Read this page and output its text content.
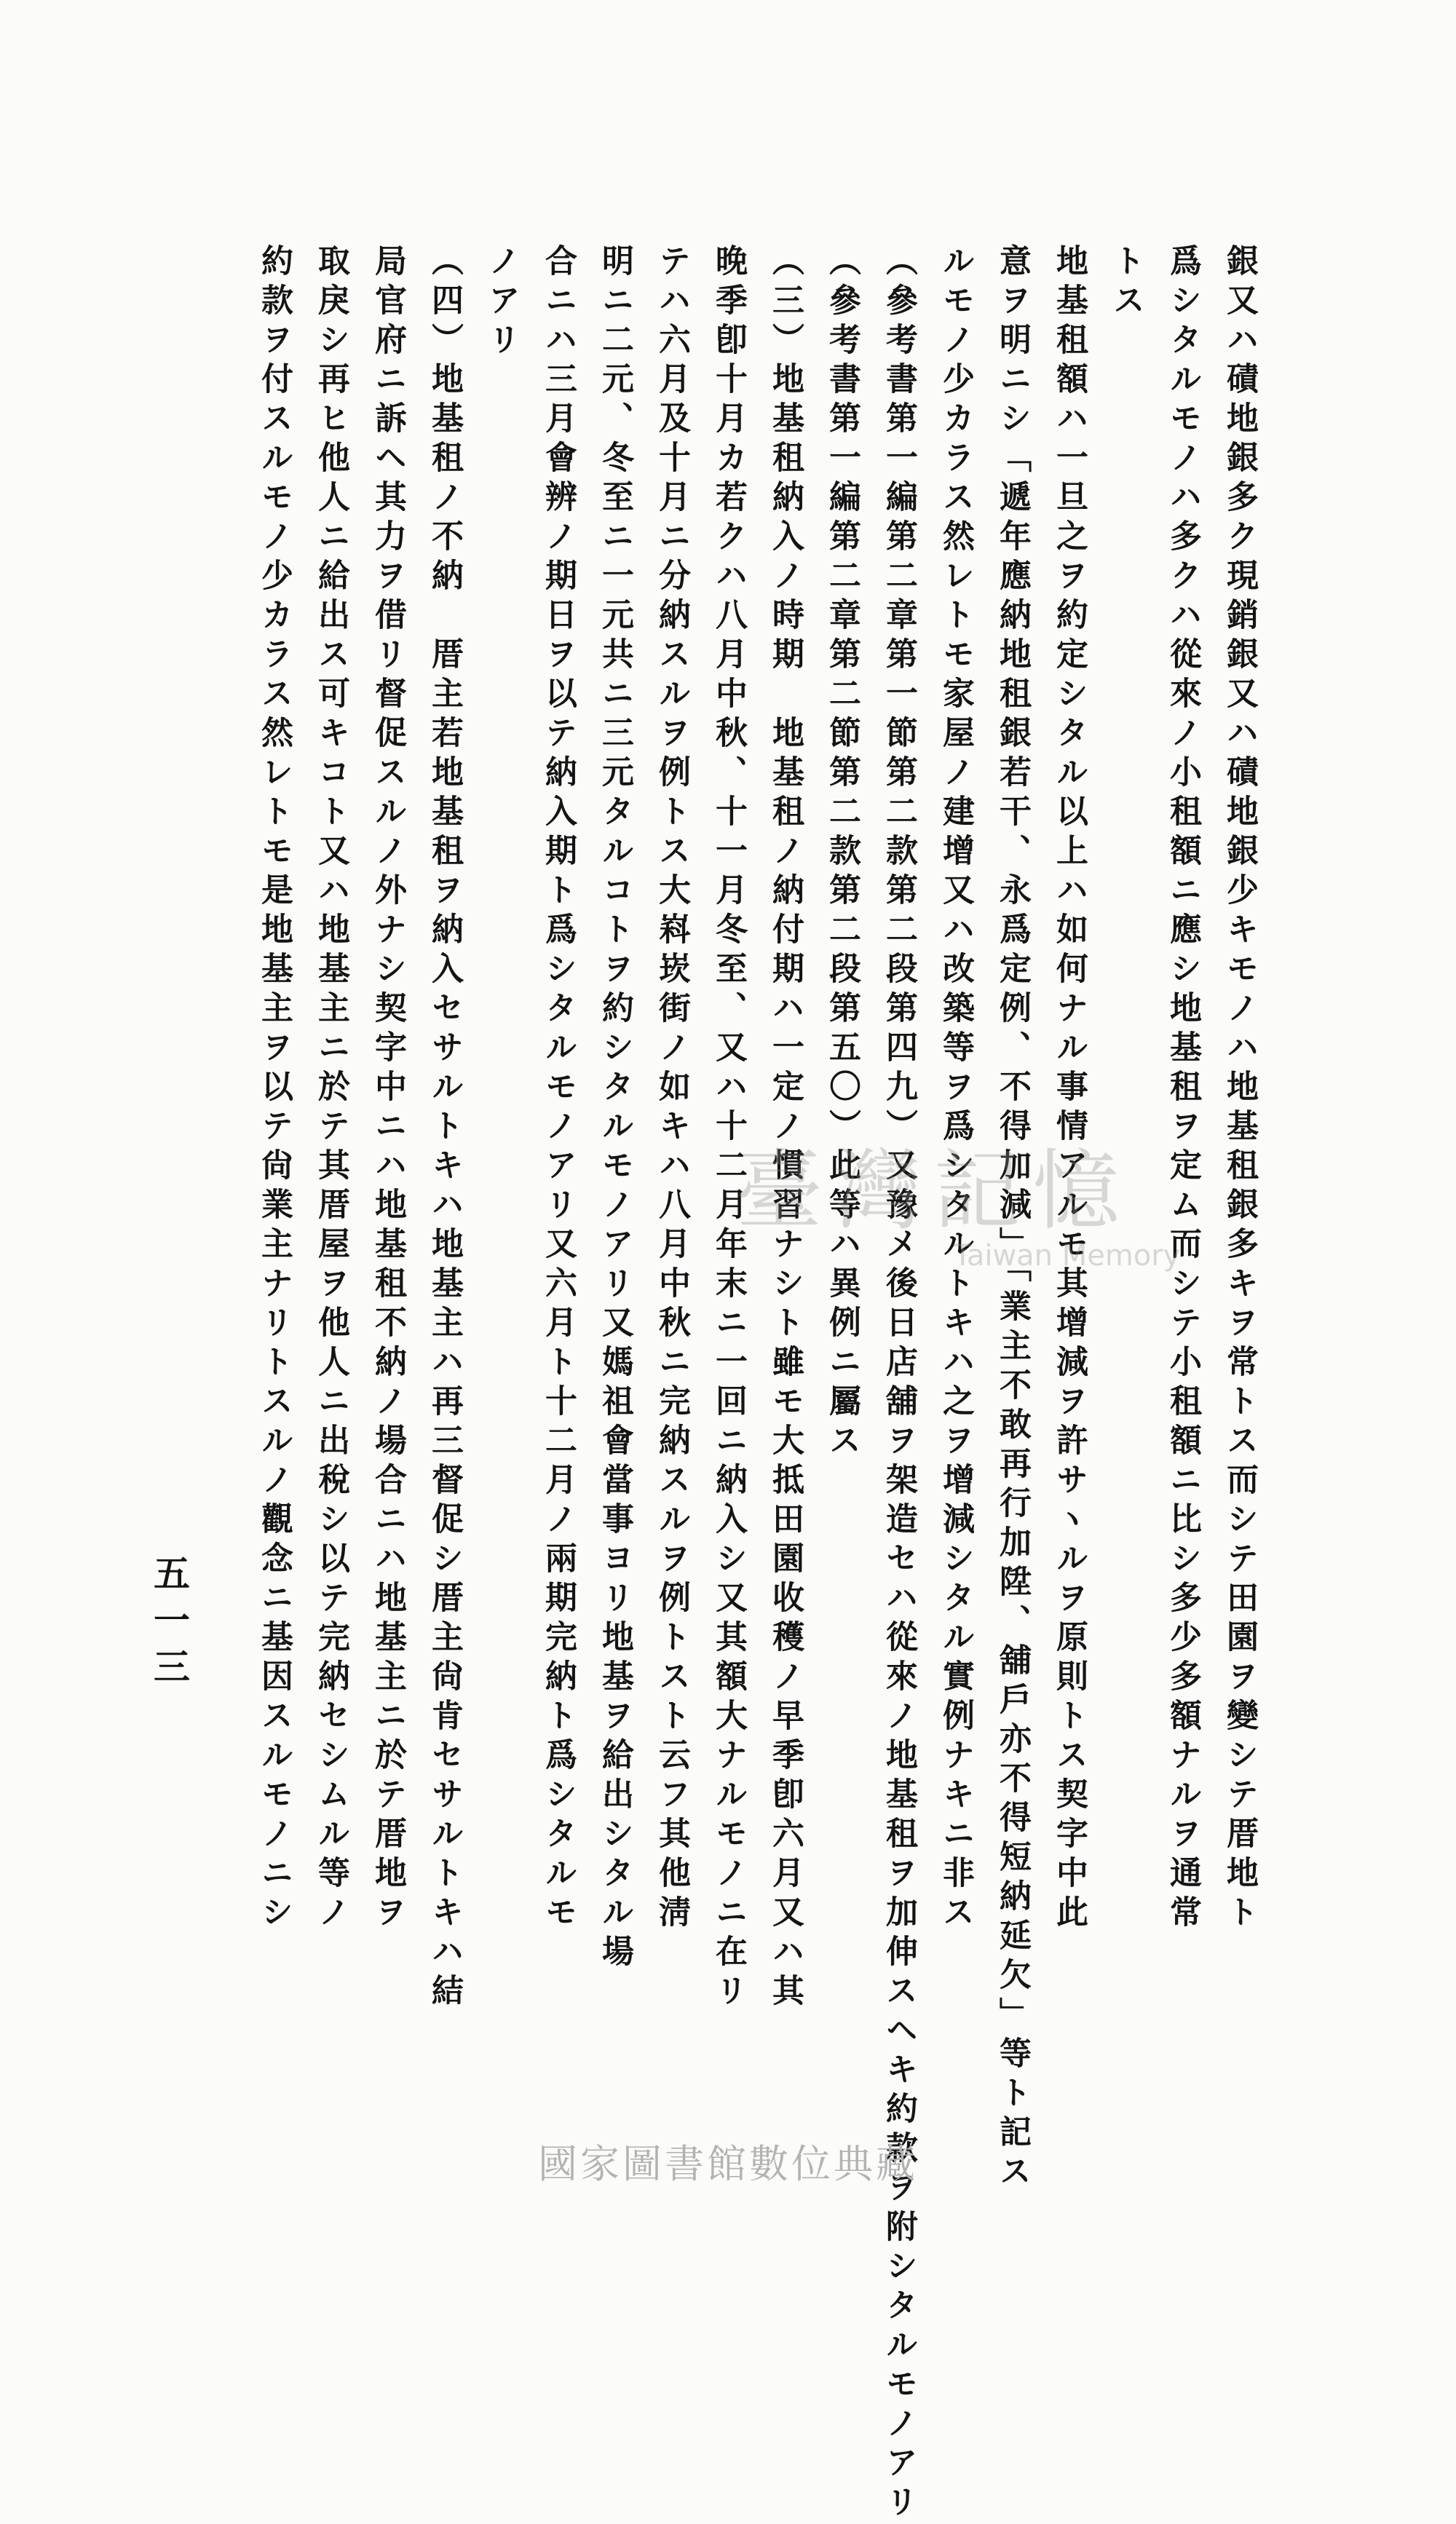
銀又ハ磧地銀多ク現銷銀又ハ磧地銀少キモノハ地基租銀多キヲ常トス而シテ田園ヲ變シテ厝地ト
爲シタルモノハ多クハ從來ノ小租額ニ應シ地基租ヲ定ム而シテ小租額ニ比シ多少多額ナルヲ通常
トス
地基租額ハ一旦之ヲ約定シタル以上ハ如何ナル事情アルモ其增減ヲ許サヽルヲ原則トス契字中此
意ヲ明ニシ「遞年應納地租銀若干、永爲定例、不得加減」「業主不敢再行加陞、舖戶亦不得短納延欠」等ト記ス
ルモノ少カラス然レトモ家屋ノ建增又ハ改築等ヲ爲シタルトキハ之ヲ增減シタル實例ナキニ非ス
（參考書第一編第二章第一節第二款第二段第四九）又豫メ後日店舖ヲ架造セハ從來ノ地基租ヲ加伸スヘキ約款ヲ附シタルモノアリ
（參考書第一編第二章第二節第二款第二段第五〇）此等ハ異例ニ屬ス
（三）地基租納入ノ時期　地基租ノ納付期ハ一定ノ慣習ナシト雖モ大抵田園收穫ノ早季卽六月又ハ其
晚季卽十月カ若クハ八月中秋、十一月冬至、又ハ十二月年末ニ一回ニ納入シ又其額大ナルモノニ在リ
テハ六月及十月ニ分納スルヲ例トス大嵙崁街ノ如キハ八月中秋ニ完納スルヲ例トスト云フ其他淸
明ニ二元、冬至ニ一元共ニ三元タルコトヲ約シタルモノアリ又媽祖會當事ヨリ地基ヲ給出シタル場
合ニハ三月會辨ノ期日ヲ以テ納入期ト爲シタルモノアリ又六月ト十二月ノ兩期完納ト爲シタルモ
ノアリ
（四）地基租ノ不納　厝主若地基租ヲ納入セサルトキハ地基主ハ再三督促シ厝主尙肯セサルトキハ結
局官府ニ訴ヘ其力ヲ借リ督促スルノ外ナシ契字中ニハ地基租不納ノ場合ニハ地基主ニ於テ厝地ヲ
取戾シ再ヒ他人ニ給出ス可キコト又ハ地基主ニ於テ其厝屋ヲ他人ニ出稅シ以テ完納セシムル等ノ
約款ヲ付スルモノ少カラス然レトモ是地基主ヲ以テ尙業主ナリトスルノ觀念ニ基因スルモノニシ
五一三
臺灣記憶
Taiwan Memory
國家圖書館數位典藏
